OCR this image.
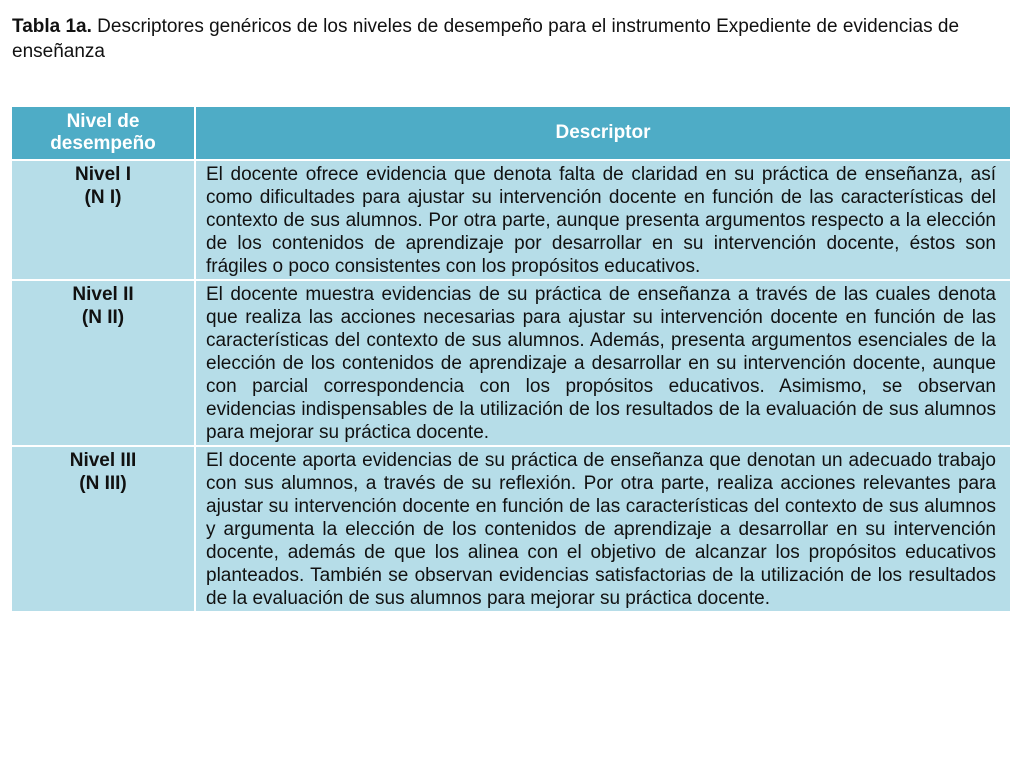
Tabla 1a. Descriptores genéricos de los niveles de desempeño para el instrumento Expediente de evidencias de enseñanza
Nivel de desempeño	Descriptor

Nivel I
(N I)	El docente ofrece evidencia que denota falta de claridad en su práctica de enseñanza, así como dificultades para ajustar su intervención docente en función de las características del contexto de sus alumnos. Por otra parte, aunque presenta argumentos respecto a la elección de los contenidos de aprendizaje por desarrollar en su intervención docente, éstos son frágiles o poco consistentes con los propósitos educativos.

Nivel II
(N II)	El docente muestra evidencias de su práctica de enseñanza a través de las cuales denota que realiza las acciones necesarias para ajustar su intervención docente en función de las características del contexto de sus alumnos. Además, presenta argumentos esenciales de la elección de los contenidos de aprendizaje a desarrollar en su intervención docente, aunque con parcial correspondencia con los propósitos educativos. Asimismo, se observan evidencias indispensables de la utilización de los resultados de la evaluación de sus alumnos para mejorar su práctica docente.

Nivel III
(N III)	El docente aporta evidencias de su práctica de enseñanza que denotan un adecuado trabajo con sus alumnos, a través de su reflexión. Por otra parte, realiza acciones relevantes para ajustar su intervención docente en función de las características del contexto de sus alumnos y argumenta la elección de los contenidos de aprendizaje a desarrollar en su intervención docente, además de que los alinea con el objetivo de alcanzar los propósitos educativos planteados. También se observan evidencias satisfactorias de la utilización de los resultados de la evaluación de sus alumnos para mejorar su práctica docente.
